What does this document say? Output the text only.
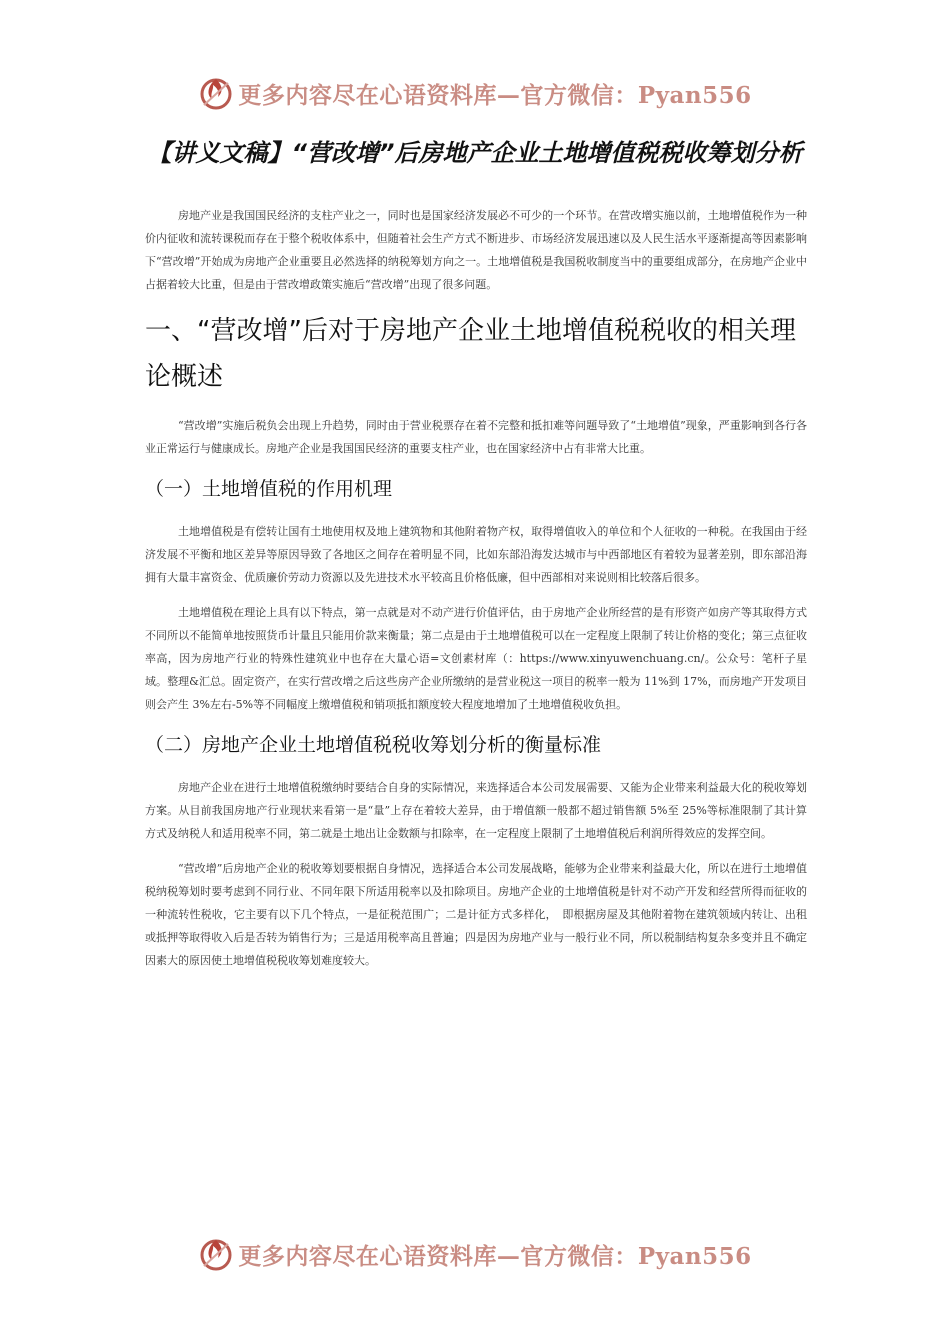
更多内容尽在心语资料库—官方微信：Pyan556
【讲义文稿】“营改增”后房地产企业土地增值税税收筹划分析

房地产业是我国国民经济的支柱产业之一，同时也是国家经济发展必不可少的一个环节。在营改增实施以前，土地增值税作为一种价内征收和流转课税而存在于整个税收体系中，但随着社会生产方式不断进步、市场经济发展迅速以及人民生活水平逐渐提高等因素影响下“营改增”开始成为房地产企业重要且必然选择的纳税筹划方向之一。土地增值税是我国税收制度当中的重要组成部分，在房地产企业中占据着较大比重，但是由于营改增政策实施后“营改增”出现了很多问题。

一、“营改增”后对于房地产企业土地增值税税收的相关理论概述

“营改增”实施后税负会出现上升趋势，同时由于营业税票存在着不完整和抵扣难等问题导致了“土地增值”现象，严重影响到各行各业正常运行与健康成长。房地产企业是我国国民经济的重要支柱产业，也在国家经济中占有非常大比重。

（一）土地增值税的作用机理

土地增值税是有偿转让国有土地使用权及地上建筑物和其他附着物产权，取得增值收入的单位和个人征收的一种税。在我国由于经济发展不平衡和地区差异等原因导致了各地区之间存在着明显不同，比如东部沿海发达城市与中西部地区有着较为显著差别，即东部沿海拥有大量丰富资金、优质廉价劳动力资源以及先进技术水平较高且价格低廉，但中西部相对来说则相比较落后很多。

土地增值税在理论上具有以下特点，第一点就是对不动产进行价值评估，由于房地产企业所经营的是有形资产如房产等其取得方式不同所以不能简单地按照货币计量且只能用价款来衡量；第二点是由于土地增值税可以在一定程度上限制了转让价格的变化；第三点征收率高，因为房地产行业的特殊性建筑业中也存在大量心语=文创素材库（：https://www.xinyuwenchuang.cn/。公众号：笔杆子星域。整理&汇总。固定资产，在实行营改增之后这些房产企业所缴纳的是营业税这一项目的税率一般为 11%到 17%，而房地产开发项目则会产生 3%左右-5%等不同幅度上缴增值税和销项抵扣额度较大程度地增加了土地增值税收负担。

（二）房地产企业土地增值税税收筹划分析的衡量标准

房地产企业在进行土地增值税缴纳时要结合自身的实际情况，来选择适合本公司发展需要、又能为企业带来利益最大化的税收筹划方案。从目前我国房地产行业现状来看第一是“量”上存在着较大差异，由于增值额一般都不超过销售额 5%至 25%等标准限制了其计算方式及纳税人和适用税率不同，第二就是土地出让金数额与扣除率，在一定程度上限制了土地增值税后利润所得效应的发挥空间。

“营改增”后房地产企业的税收筹划要根据自身情况，选择适合本公司发展战略，能够为企业带来利益最大化，所以在进行土地增值税纳税筹划时要考虑到不同行业、不同年限下所适用税率以及扣除项目。房地产企业的土地增值税是针对不动产开发和经营所得而征收的一种流转性税收，它主要有以下几个特点，一是征税范围广；二是计征方式多样化，　即根据房屋及其他附着物在建筑领域内转让、出租或抵押等取得收入后是否转为销售行为；三是适用税率高且普遍；四是因为房地产业与一般行业不同，所以税制结构复杂多变并且不确定因素大的原因使土地增值税税收筹划难度较大。

更多内容尽在心语资料库—官方微信：Pyan556
